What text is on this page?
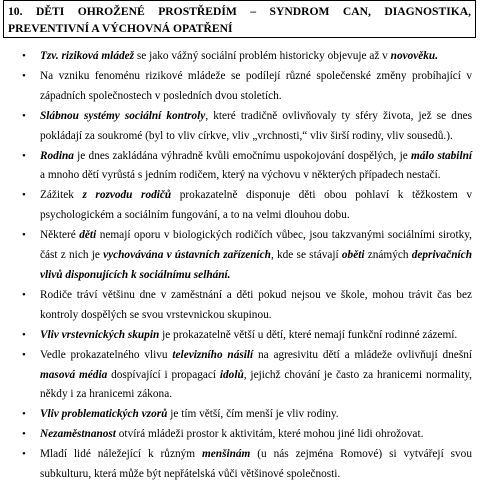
10. DĚTI OHROŽENÉ PROSTŘEDÍM – SYNDROM CAN, DIAGNOSTIKA, PREVENTIVNÍ A VÝCHOVNÁ OPATŘENÍ
• Tzv. riziková mládež se jako vážný sociální problém historicky objevuje až v novověku.
• Na vzniku fenoménu rizikové mládeže se podílejí různé společenské změny probíhající v západních společnostech v posledních dvou stoletích.
• Slábnou systémy sociální kontroly, které tradičně ovlivňovaly ty sféry života, jež se dnes pokládají za soukromé (byl to vliv církve, vliv „vrchnosti,“ vliv širší rodiny, vliv sousedů.).
• Rodina je dnes zakládána výhradně kvůli emočnímu uspokojování dospělých, je málo stabilní a mnoho dětí vyrůstá s jedním rodičem, který na výchovu v některých případech nestačí.
• Zážitek z rozvodu rodičů prokazatelně disponuje děti obou pohlaví k těžkostem v psychologickém a sociálním fungování, a to na velmi dlouhou dobu.
• Některé děti nemají oporu v biologických rodičích vůbec, jsou takzvanými sociálními sirotky, část z nich je vychovávána v ústavních zařízeních, kde se stávají oběti známých deprivačních vlivů disponujících k sociálnímu selhání.
• Rodiče tráví většinu dne v zaměstnání a děti pokud nejsou ve škole, mohou trávit čas bez kontroly dospělých se svou vrstevnickou skupinou.
• Vliv vrstevnických skupin je prokazatelně větší u dětí, které nemají funkční rodinné zázemí.
• Vedle prokazatelného vlivu televizního násilí na agresivitu dětí a mládeže ovlivňují dnešní masová média dospívající i propagací idolů, jejichž chování je často za hranicemi normality, někdy i za hranicemi zákona.
• Vliv problematických vzorů je tím větší, čím menší je vliv rodiny.
• Nezaměstnanost otvírá mládeži prostor k aktivitám, které mohou jiné lidi ohrožovat.
• Mladí lidé náležející k různým menšinám (u nás zejména Romové) si vytvářejí svou subkulturu, která může být nepřátelská vůči většinové společnosti.
